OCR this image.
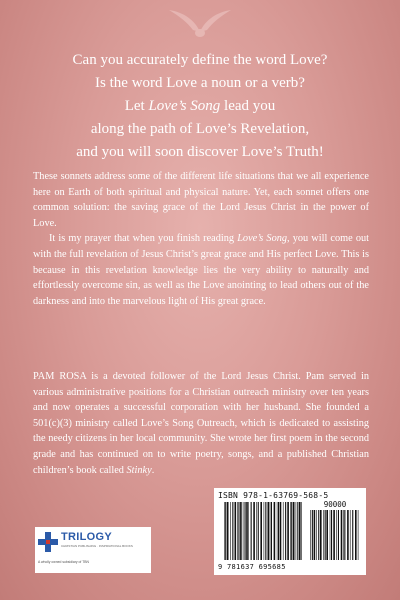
Can you accurately define the word Love?
Is the word Love a noun or a verb?
Let Love’s Song lead you
along the path of Love’s Revelation,
and you will soon discover Love’s Truth!

These sonnets address some of the different life situations that we all experience here on Earth of both spiritual and physical nature. Yet, each sonnet offers one common solution: the saving grace of the Lord Jesus Christ in the power of Love.

It is my prayer that when you finish reading Love’s Song, you will come out with the full revelation of Jesus Christ’s great grace and His perfect Love. This is because in this revelation knowledge lies the very ability to naturally and effortlessly overcome sin, as well as the Love anointing to lead others out of the darkness and into the marvelous light of His great grace.

PAM ROSA is a devoted follower of the Lord Jesus Christ. Pam served in various administrative positions for a Christian outreach ministry over ten years and now operates a successful corporation with her husband. She founded a 501(c)(3) ministry called Love’s Song Outreach, which is dedicated to assisting the needy citizens in her local community. She wrote her first poem in the second grade and has continued on to write poetry, songs, and a published Christian children’s book called Stinky.

ISBN 978-1-63769-568-5
90000
9 781637 695685
TRILOGY
CHRISTIAN PUBLISHING · INSPIRATIONAL BOOKS
A wholly owned subsidiary of TBN
